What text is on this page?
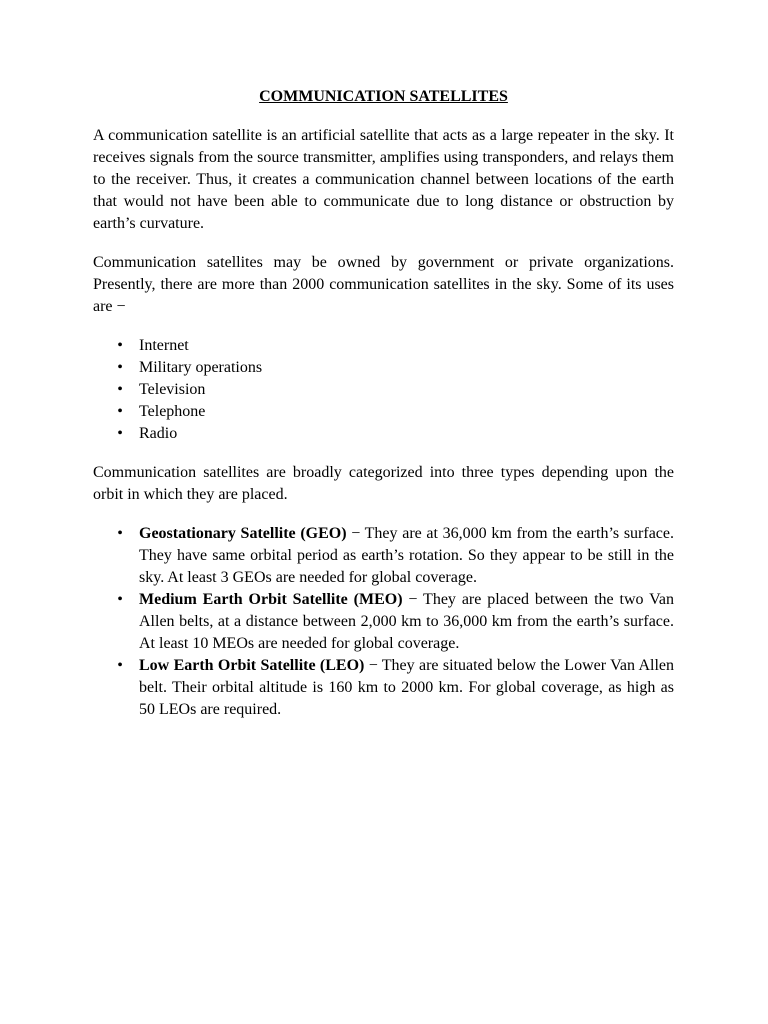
COMMUNICATION SATELLITES

A communication satellite is an artificial satellite that acts as a large repeater in the sky. It receives signals from the source transmitter, amplifies using transponders, and relays them to the receiver. Thus, it creates a communication channel between locations of the earth that would not have been able to communicate due to long distance or obstruction by earth’s curvature.

Communication satellites may be owned by government or private organizations. Presently, there are more than 2000 communication satellites in the sky. Some of its uses are −

• Internet
• Military operations
• Television
• Telephone
• Radio

Communication satellites are broadly categorized into three types depending upon the orbit in which they are placed.

• Geostationary Satellite (GEO) − They are at 36,000 km from the earth’s surface. They have same orbital period as earth’s rotation. So they appear to be still in the sky. At least 3 GEOs are needed for global coverage.
• Medium Earth Orbit Satellite (MEO) − They are placed between the two Van Allen belts, at a distance between 2,000 km to 36,000 km from the earth’s surface. At least 10 MEOs are needed for global coverage.
• Low Earth Orbit Satellite (LEO) − They are situated below the Lower Van Allen belt. Their orbital altitude is 160 km to 2000 km. For global coverage, as high as 50 LEOs are required.
